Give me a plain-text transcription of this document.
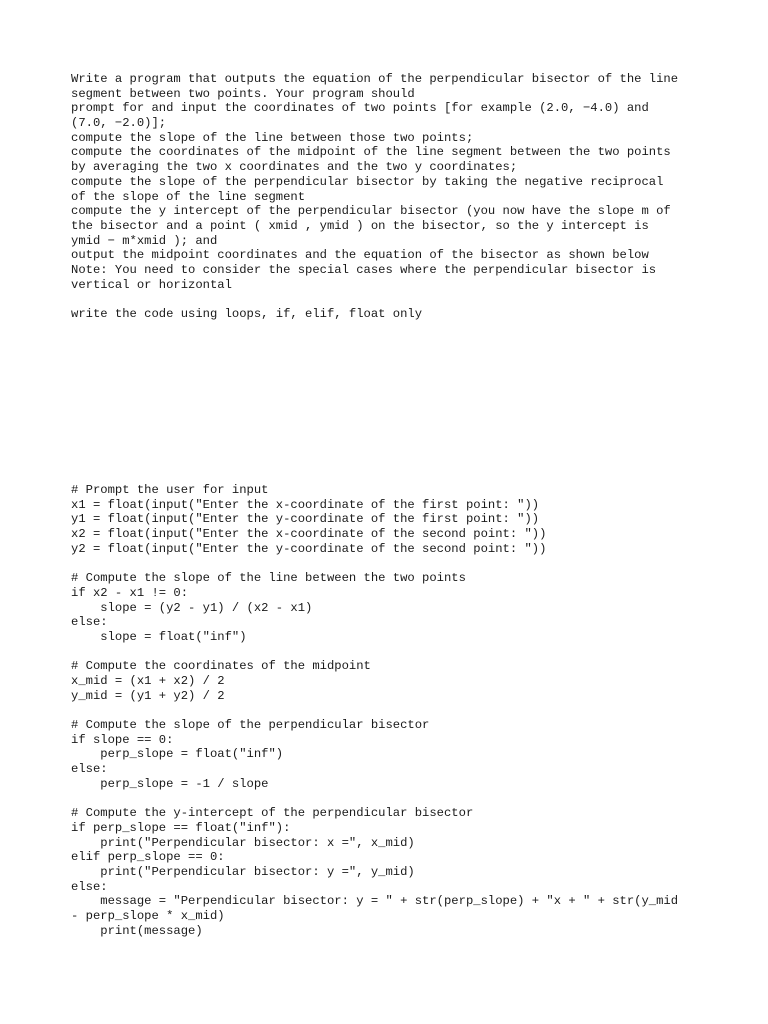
Write a program that outputs the equation of the perpendicular bisector of the line
segment between two points. Your program should
prompt for and input the coordinates of two points [for example (2.0, −4.0) and
(7.0, −2.0)];
compute the slope of the line between those two points;
compute the coordinates of the midpoint of the line segment between the two points
by averaging the two x coordinates and the two y coordinates;
compute the slope of the perpendicular bisector by taking the negative reciprocal
of the slope of the line segment
compute the y intercept of the perpendicular bisector (you now have the slope m of
the bisector and a point ( xmid , ymid ) on the bisector, so the y intercept is
ymid − m*xmid ); and
output the midpoint coordinates and the equation of the bisector as shown below
Note: You need to consider the special cases where the perpendicular bisector is
vertical or horizontal

write the code using loops, if, elif, float only
# Prompt the user for input
x1 = float(input("Enter the x-coordinate of the first point: "))
y1 = float(input("Enter the y-coordinate of the first point: "))
x2 = float(input("Enter the x-coordinate of the second point: "))
y2 = float(input("Enter the y-coordinate of the second point: "))

# Compute the slope of the line between the two points
if x2 - x1 != 0:
slope = (y2 - y1) / (x2 - x1)
else:
slope = float("inf")

# Compute the coordinates of the midpoint
x_mid = (x1 + x2) / 2
y_mid = (y1 + y2) / 2

# Compute the slope of the perpendicular bisector
if slope == 0:
perp_slope = float("inf")
else:
perp_slope = -1 / slope

# Compute the y-intercept of the perpendicular bisector
if perp_slope == float("inf"):
print("Perpendicular bisector: x =", x_mid)
elif perp_slope == 0:
print("Perpendicular bisector: y =", y_mid)
else:
message = "Perpendicular bisector: y = " + str(perp_slope) + "x + " + str(y_mid
- perp_slope * x_mid)
print(message)
